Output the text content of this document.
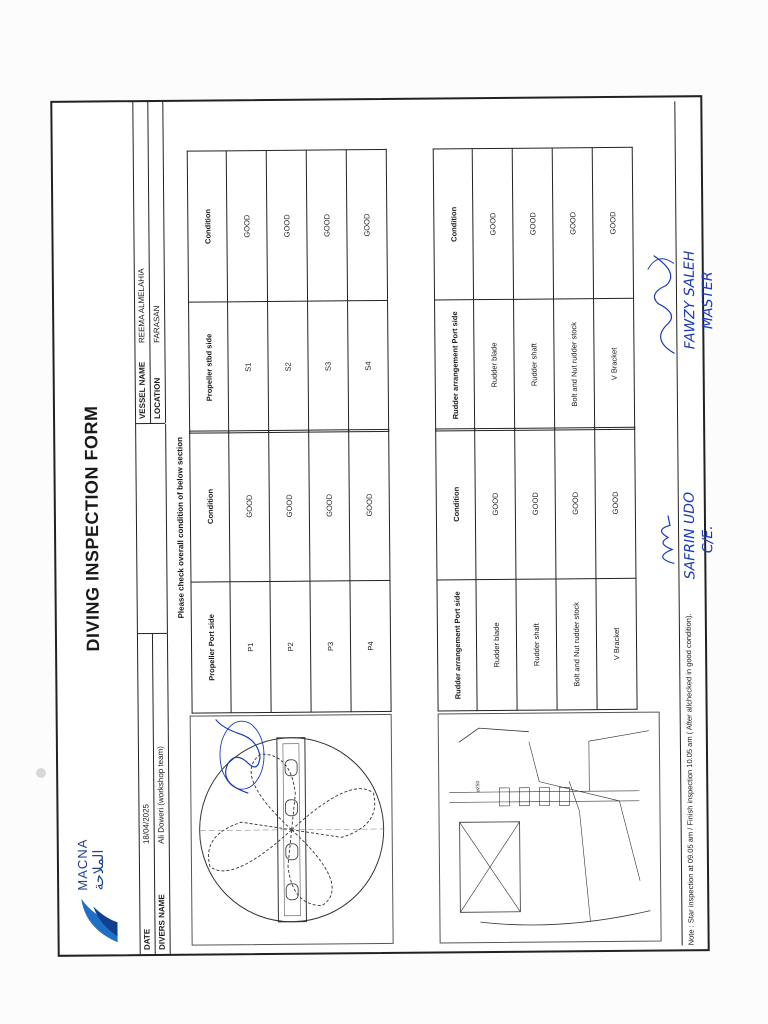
MACNA الملاحة
DIVING INSPECTION FORM
DATE
18/04/2025
DIVERS NAME
Ali Doweri (workshop team)
VESSEL NAME
REEMA ALMELAHIA
LOCATION
FARASAN
Please check overall condition of below section
ø250
Propeller Port side	Condition
P1	GOOD
P2	GOOD
P3	GOOD
P4	GOOD
Propeller stbd side	Condition
S1	GOOD
S2	GOOD
S3	GOOD
S4	GOOD
Rudder arrangement Port side	Condition
Rudder blade	GOOD
Rudder shaft	GOOD
Bolt and Nut rudder stock	GOOD
V Bracket	GOOD
Rudder arrangement Port side	Condition
Rudder blade	GOOD
Rudder shaft	GOOD
Bolt and Nut rudder stock	GOOD
V Bracket	GOOD
Note : Star inspection at 09.05 am / Finish inspection 10.05 am ( After allchecked in good condition).
SAFRIN UDO C/E.
FAWZY SALEH MASTER
